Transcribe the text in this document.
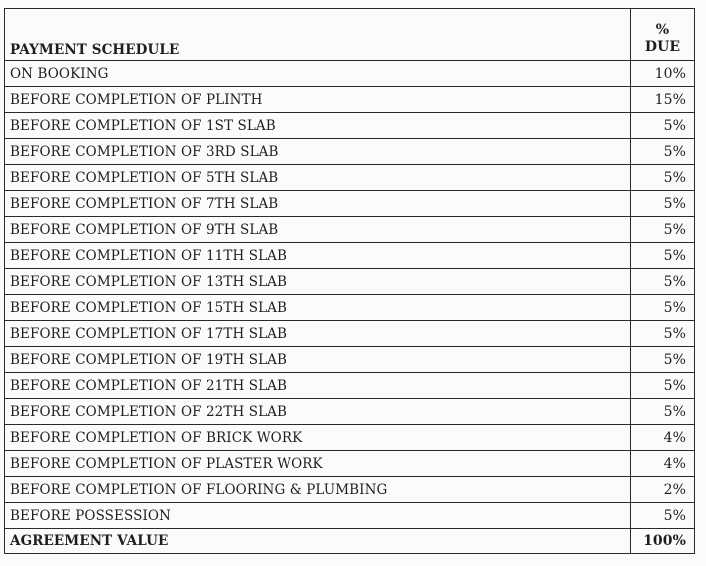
PAYMENT SCHEDULE	%
DUE
ON BOOKING	10%
BEFORE COMPLETION OF PLINTH	15%
BEFORE COMPLETION OF 1ST SLAB	5%
BEFORE COMPLETION OF 3RD SLAB	5%
BEFORE COMPLETION OF 5TH SLAB	5%
BEFORE COMPLETION OF 7TH SLAB	5%
BEFORE COMPLETION OF 9TH SLAB	5%
BEFORE COMPLETION OF 11TH SLAB	5%
BEFORE COMPLETION OF 13TH SLAB	5%
BEFORE COMPLETION OF 15TH SLAB	5%
BEFORE COMPLETION OF 17TH SLAB	5%
BEFORE COMPLETION OF 19TH SLAB	5%
BEFORE COMPLETION OF 21TH SLAB	5%
BEFORE COMPLETION OF 22TH SLAB	5%
BEFORE COMPLETION OF BRICK WORK	4%
BEFORE COMPLETION OF PLASTER WORK	4%
BEFORE COMPLETION OF FLOORING & PLUMBING	2%
BEFORE POSSESSION	5%
AGREEMENT VALUE	100%
